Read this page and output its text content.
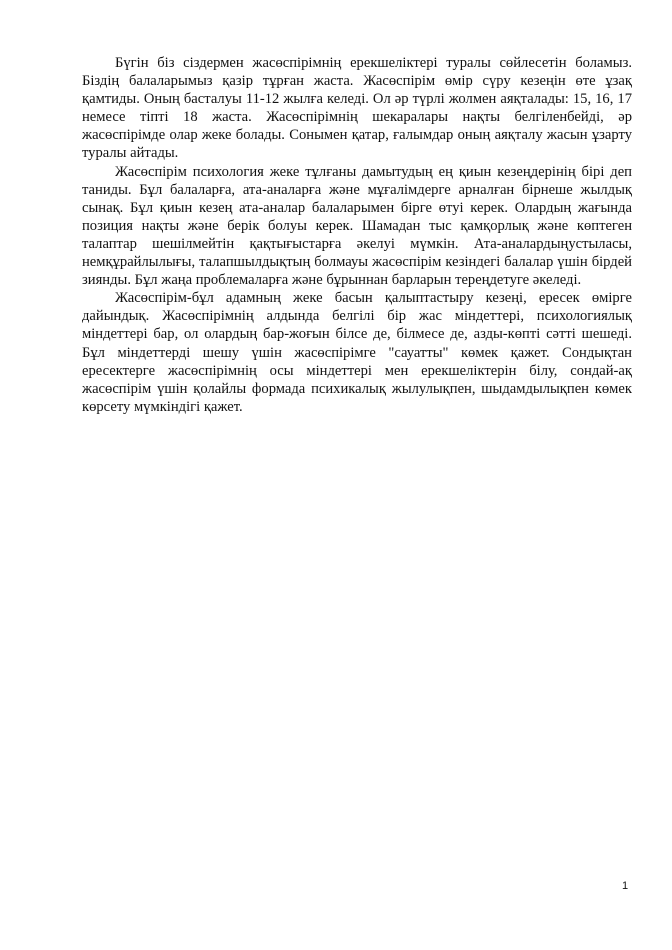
Бүгін біз сіздермен жасөспірімнің ерекшеліктері туралы сөйлесетін боламыз. Біздің балаларымыз қазір тұрған жаста. Жасөспірім өмір сүру кезеңін өте ұзақ қамтиды. Оның басталуы 11-12 жылға келеді. Ол әр түрлі жолмен аяқталады: 15, 16, 17 немесе тіпті 18 жаста. Жасөспірімнің шекаралары нақты белгіленбейді, әр жасөспірімде олар жеке болады. Сонымен қатар, ғалымдар оның аяқталу жасын ұзарту туралы айтады.

Жасөспірім психология жеке тұлғаны дамытудың ең қиын кезеңдерінің бірі деп таниды. Бұл балаларға, ата-аналарға және мұғалімдерге арналған бірнеше жылдық сынақ. Бұл қиын кезең ата-аналар балаларымен бірге өтуі керек. Олардың жағында позиция нақты және берік болуы керек. Шамадан тыс қамқорлық және көптеген талаптар шешілмейтін қақтығыстарға әкелуі мүмкін. Ата-аналардыңустыласы, немқұрайлылығы, талапшылдықтың болмауы жасөспірім кезіндегі балалар үшін бірдей зиянды. Бұл жаңа проблемаларға және бұрыннан барларын тереңдетуге әкеледі.

Жасөспірім-бұл адамның жеке басын қалыптастыру кезеңі, ересек өмірге дайындық. Жасөспірімнің алдында белгілі бір жас міндеттері, психологиялық міндеттері бар, ол олардың бар-жоғын білсе де, білмесе де, азды-көпті сәтті шешеді. Бұл міндеттерді шешу үшін жасөспірімге "сауатты" көмек қажет. Сондықтан ересектерге жасөспірімнің осы міндеттері мен ерекшеліктерін білу, сондай-ақ жасөспірім үшін қолайлы формада психикалық жылулықпен, шыдамдылықпен көмек көрсету мүмкіндігі қажет.

1
